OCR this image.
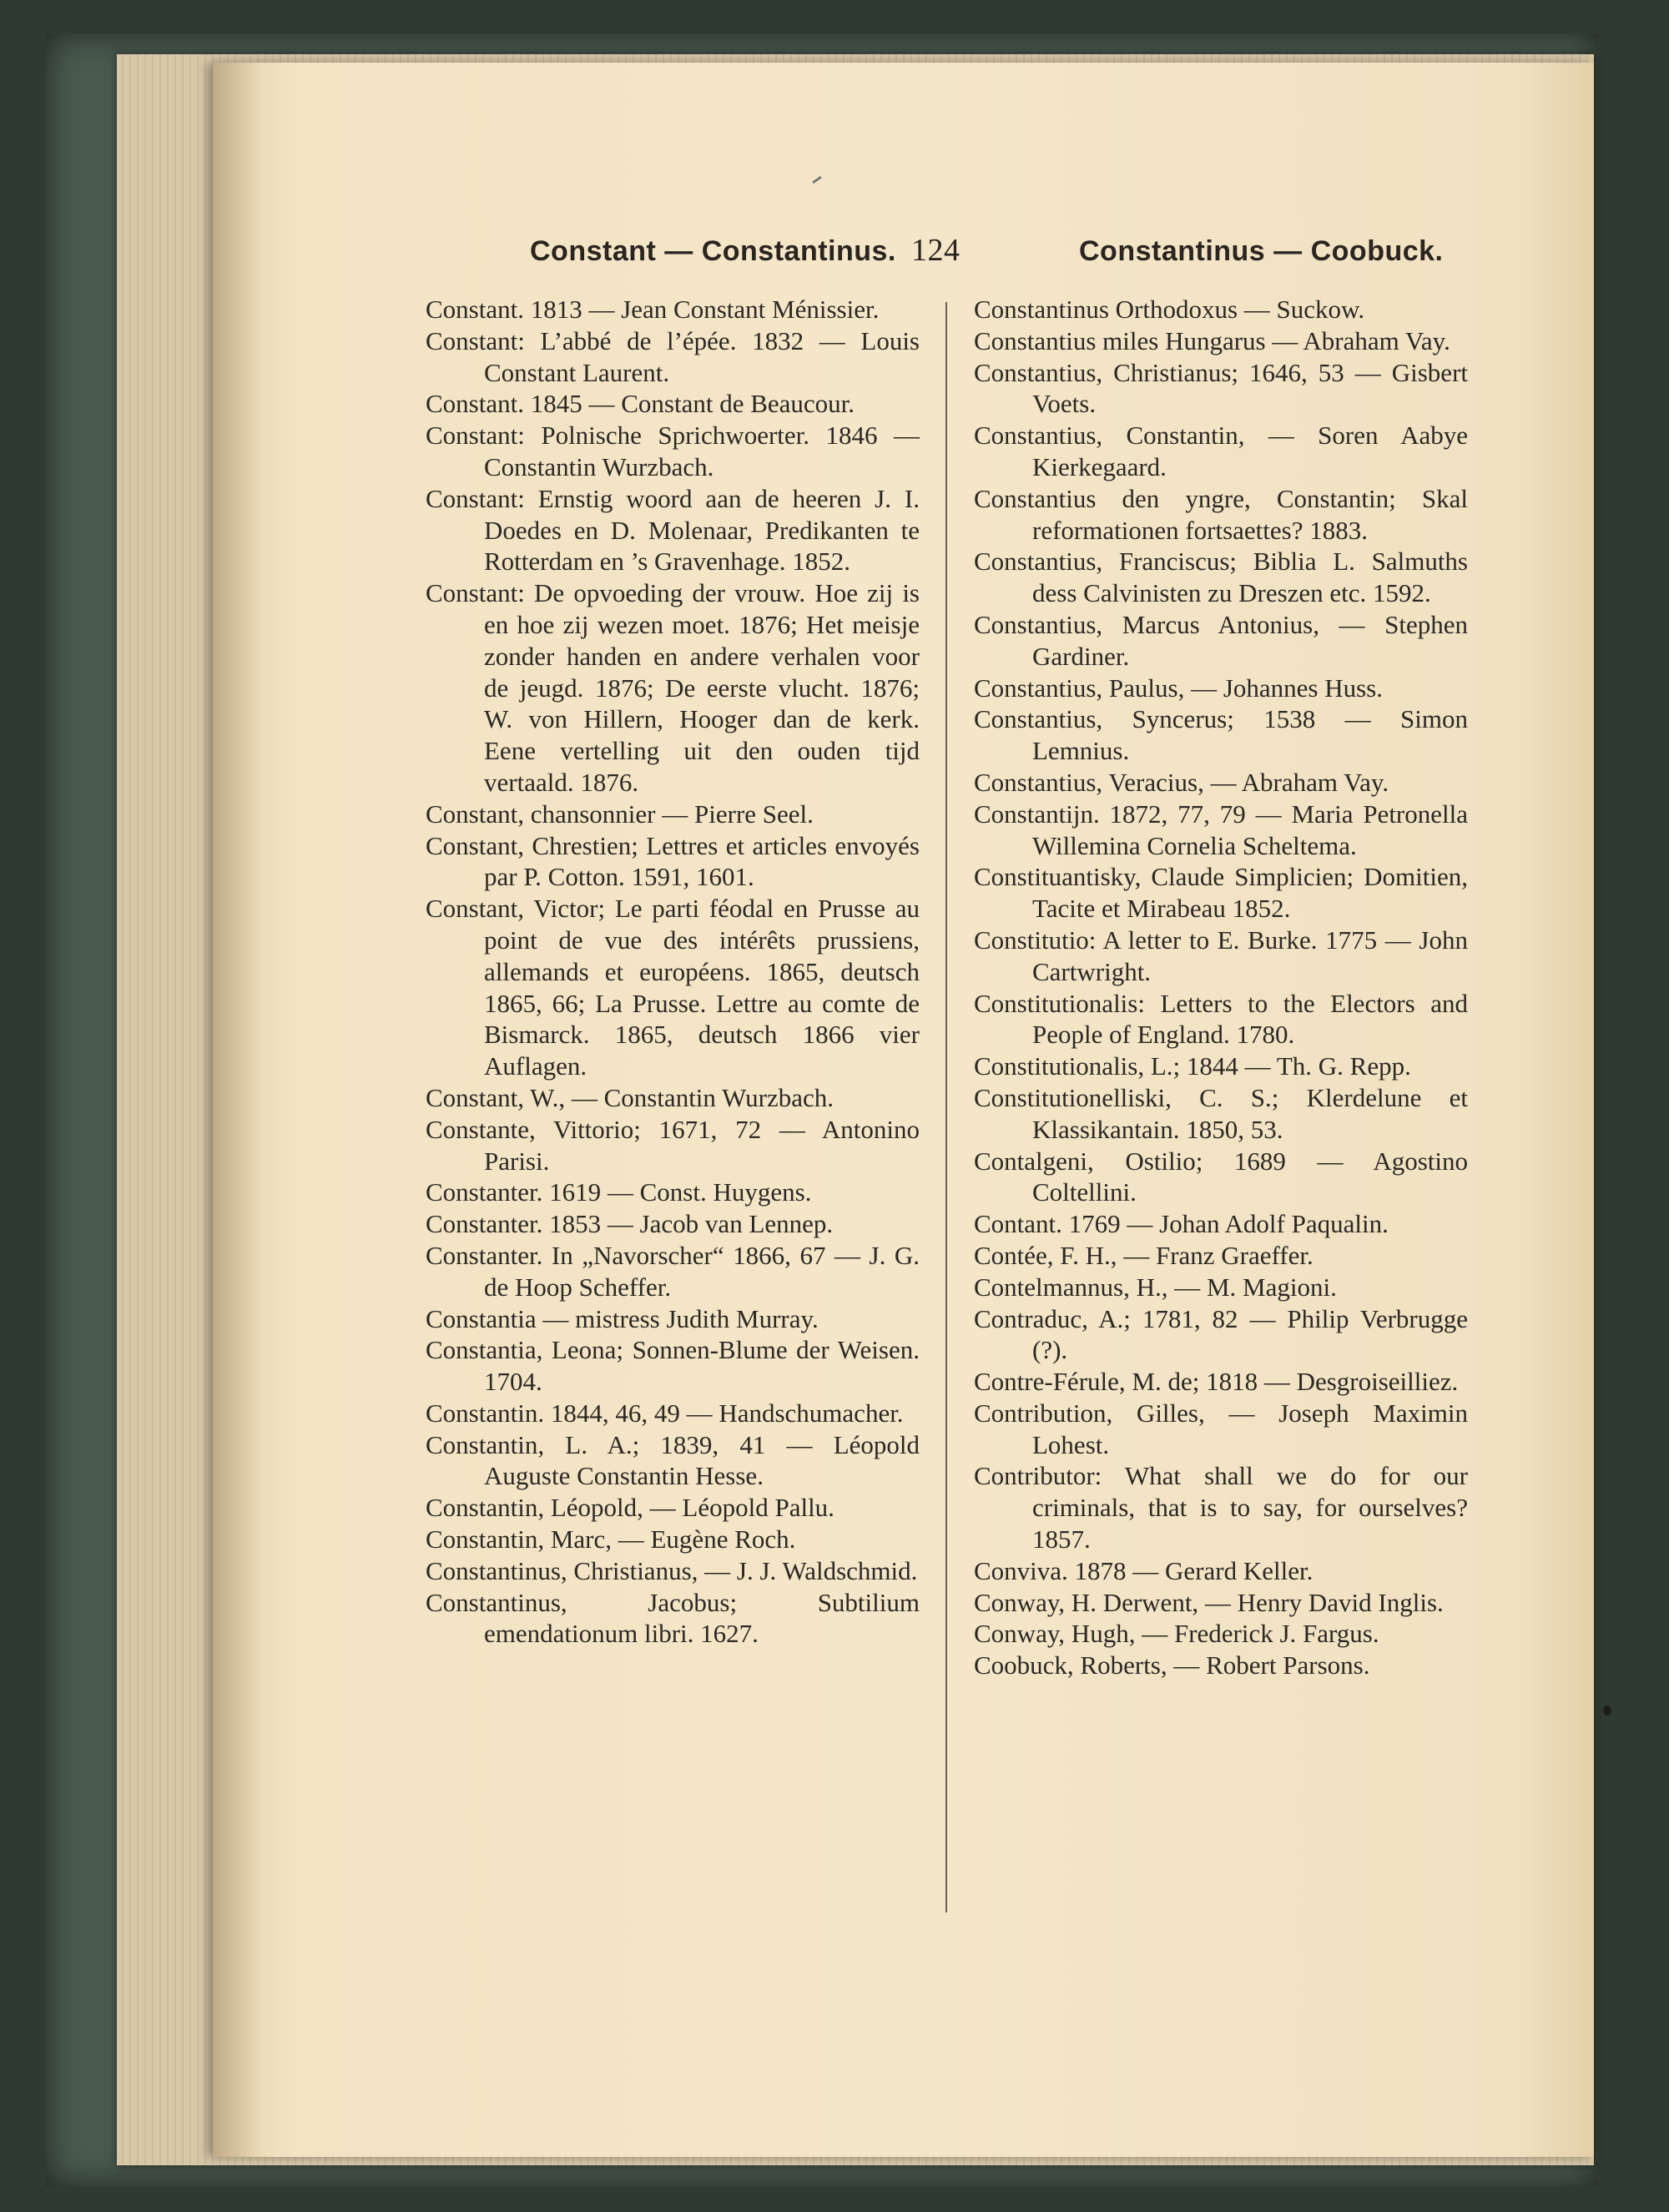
Constant — Constantinus. 124	Constantinus — Coobuck.

Constant. 1813 — Jean Constant Ménissier.

Constant: L’abbé de l’épée. 1832 — Louis Constant Laurent.

Constant. 1845 — Constant de Beaucour.

Constant: Polnische Sprichwoerter. 1846 — Constantin Wurzbach.

Constant: Ernstig woord aan de heeren J. I. Doedes en D. Molenaar, Predikanten te Rotterdam en ’s Gravenhage. 1852.

Constant: De opvoeding der vrouw. Hoe zij is en hoe zij wezen moet. 1876; Het meisje zonder handen en andere verhalen voor de jeugd. 1876; De eerste vlucht. 1876; W. von Hillern, Hooger dan de kerk. Eene vertelling uit den ouden tijd vertaald. 1876.

Constant, chansonnier — Pierre Seel.

Constant, Chrestien; Lettres et articles envoyés par P. Cotton. 1591, 1601.

Constant, Victor; Le parti féodal en Prusse au point de vue des intérêts prussiens, allemands et européens. 1865, deutsch 1865, 66; La Prusse. Lettre au comte de Bismarck. 1865, deutsch 1866 vier Auflagen.

Constant, W., — Constantin Wurzbach.

Constante, Vittorio; 1671, 72 — Antonino Parisi.

Constanter. 1619 — Const. Huygens.

Constanter. 1853 — Jacob van Lennep.

Constanter. In „Navorscher“ 1866, 67 — J. G. de Hoop Scheffer.

Constantia — mistress Judith Murray.

Constantia, Leona; Sonnen-Blume der Weisen. 1704.

Constantin. 1844, 46, 49 — Handschumacher.

Constantin, L. A.; 1839, 41 — Léopold Auguste Constantin Hesse.

Constantin, Léopold, — Léopold Pallu.

Constantin, Marc, — Eugène Roch.

Constantinus, Christianus, — J. J. Waldschmid.

Constantinus, Jacobus; Subtilium emendationum libri. 1627.

Constantinus Orthodoxus — Suckow.

Constantius miles Hungarus — Abraham Vay.

Constantius, Christianus; 1646, 53 — Gisbert Voets.

Constantius, Constantin, — Soren Aabye Kierkegaard.

Constantius den yngre, Constantin; Skal reformationen fortsaettes? 1883.

Constantius, Franciscus; Biblia L. Salmuths dess Calvinisten zu Dreszen etc. 1592.

Constantius, Marcus Antonius, — Stephen Gardiner.

Constantius, Paulus, — Johannes Huss.

Constantius, Syncerus; 1538 — Simon Lemnius.

Constantius, Veracius, — Abraham Vay.

Constantijn. 1872, 77, 79 — Maria Petronella Willemina Cornelia Scheltema.

Constituantisky, Claude Simplicien; Domitien, Tacite et Mirabeau 1852.

Constitutio: A letter to E. Burke. 1775 — John Cartwright.

Constitutionalis: Letters to the Electors and People of England. 1780.

Constitutionalis, L.; 1844 — Th. G. Repp.

Constitutionelliski, C. S.; Klerdelune et Klassikantain. 1850, 53.

Contalgeni, Ostilio; 1689 — Agostino Coltellini.

Contant. 1769 — Johan Adolf Paqualin.

Contée, F. H., — Franz Graeffer.

Contelmannus, H., — M. Magioni.

Contraduc, A.; 1781, 82 — Philip Verbrugge (?).

Contre-Férule, M. de; 1818 — Desgroiseilliez.

Contribution, Gilles, — Joseph Maximin Lohest.

Contributor: What shall we do for our criminals, that is to say, for ourselves? 1857.

Conviva. 1878 — Gerard Keller.

Conway, H. Derwent, — Henry David Inglis.

Conway, Hugh, — Frederick J. Fargus.

Coobuck, Roberts, — Robert Parsons.
